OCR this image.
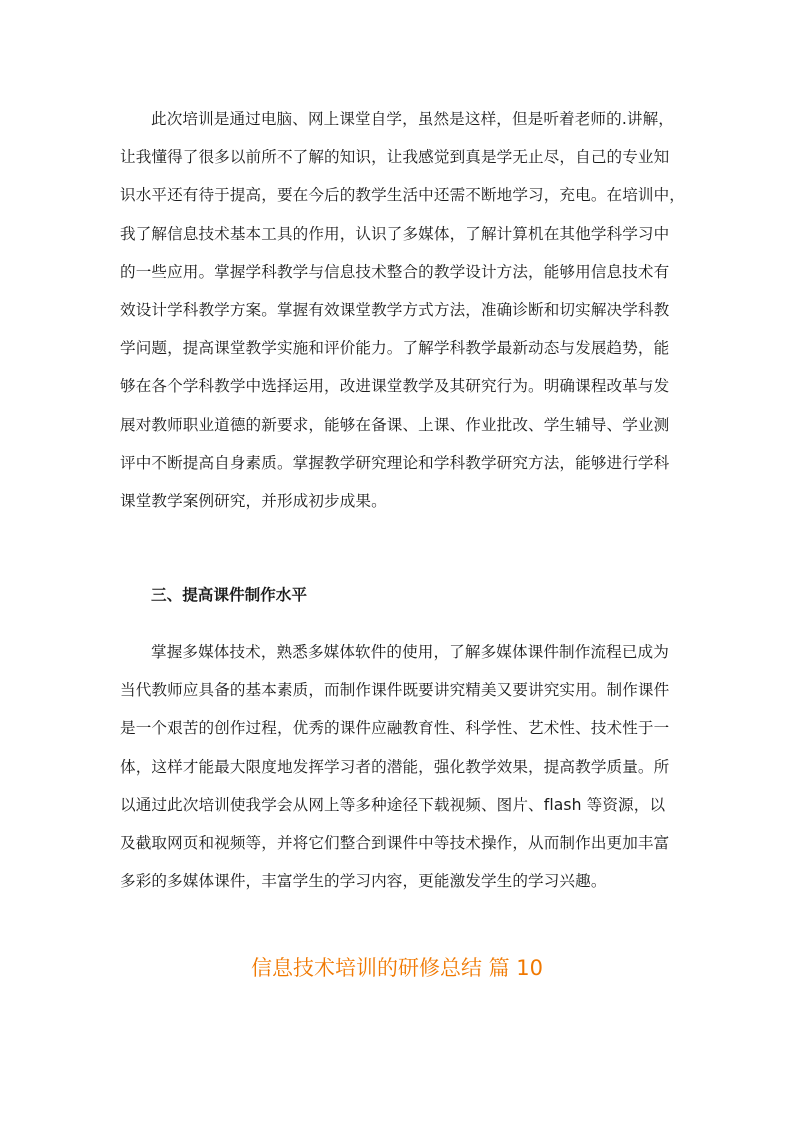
此次培训是通过电脑、网上课堂自学，虽然是这样，但是听着老师的.讲解，
让我懂得了很多以前所不了解的知识，让我感觉到真是学无止尽，自己的专业知
识水平还有待于提高，要在今后的教学生活中还需不断地学习，充电。在培训中，
我了解信息技术基本工具的作用，认识了多媒体，了解计算机在其他学科学习中
的一些应用。掌握学科教学与信息技术整合的教学设计方法，能够用信息技术有
效设计学科教学方案。掌握有效课堂教学方式方法，准确诊断和切实解决学科教
学问题，提高课堂教学实施和评价能力。了解学科教学最新动态与发展趋势，能
够在各个学科教学中选择运用，改进课堂教学及其研究行为。明确课程改革与发
展对教师职业道德的新要求，能够在备课、上课、作业批改、学生辅导、学业测
评中不断提高自身素质。掌握教学研究理论和学科教学研究方法，能够进行学科
课堂教学案例研究，并形成初步成果。
三、提高课件制作水平
掌握多媒体技术，熟悉多媒体软件的使用，了解多媒体课件制作流程已成为
当代教师应具备的基本素质，而制作课件既要讲究精美又要讲究实用。制作课件
是一个艰苦的创作过程，优秀的课件应融教育性、科学性、艺术性、技术性于一
体，这样才能最大限度地发挥学习者的潜能，强化教学效果，提高教学质量。所
以通过此次培训使我学会从网上等多种途径下载视频、图片、flash 等资源，以
及截取网页和视频等，并将它们整合到课件中等技术操作，从而制作出更加丰富
多彩的多媒体课件，丰富学生的学习内容，更能激发学生的学习兴趣。
信息技术培训的研修总结 篇 10
